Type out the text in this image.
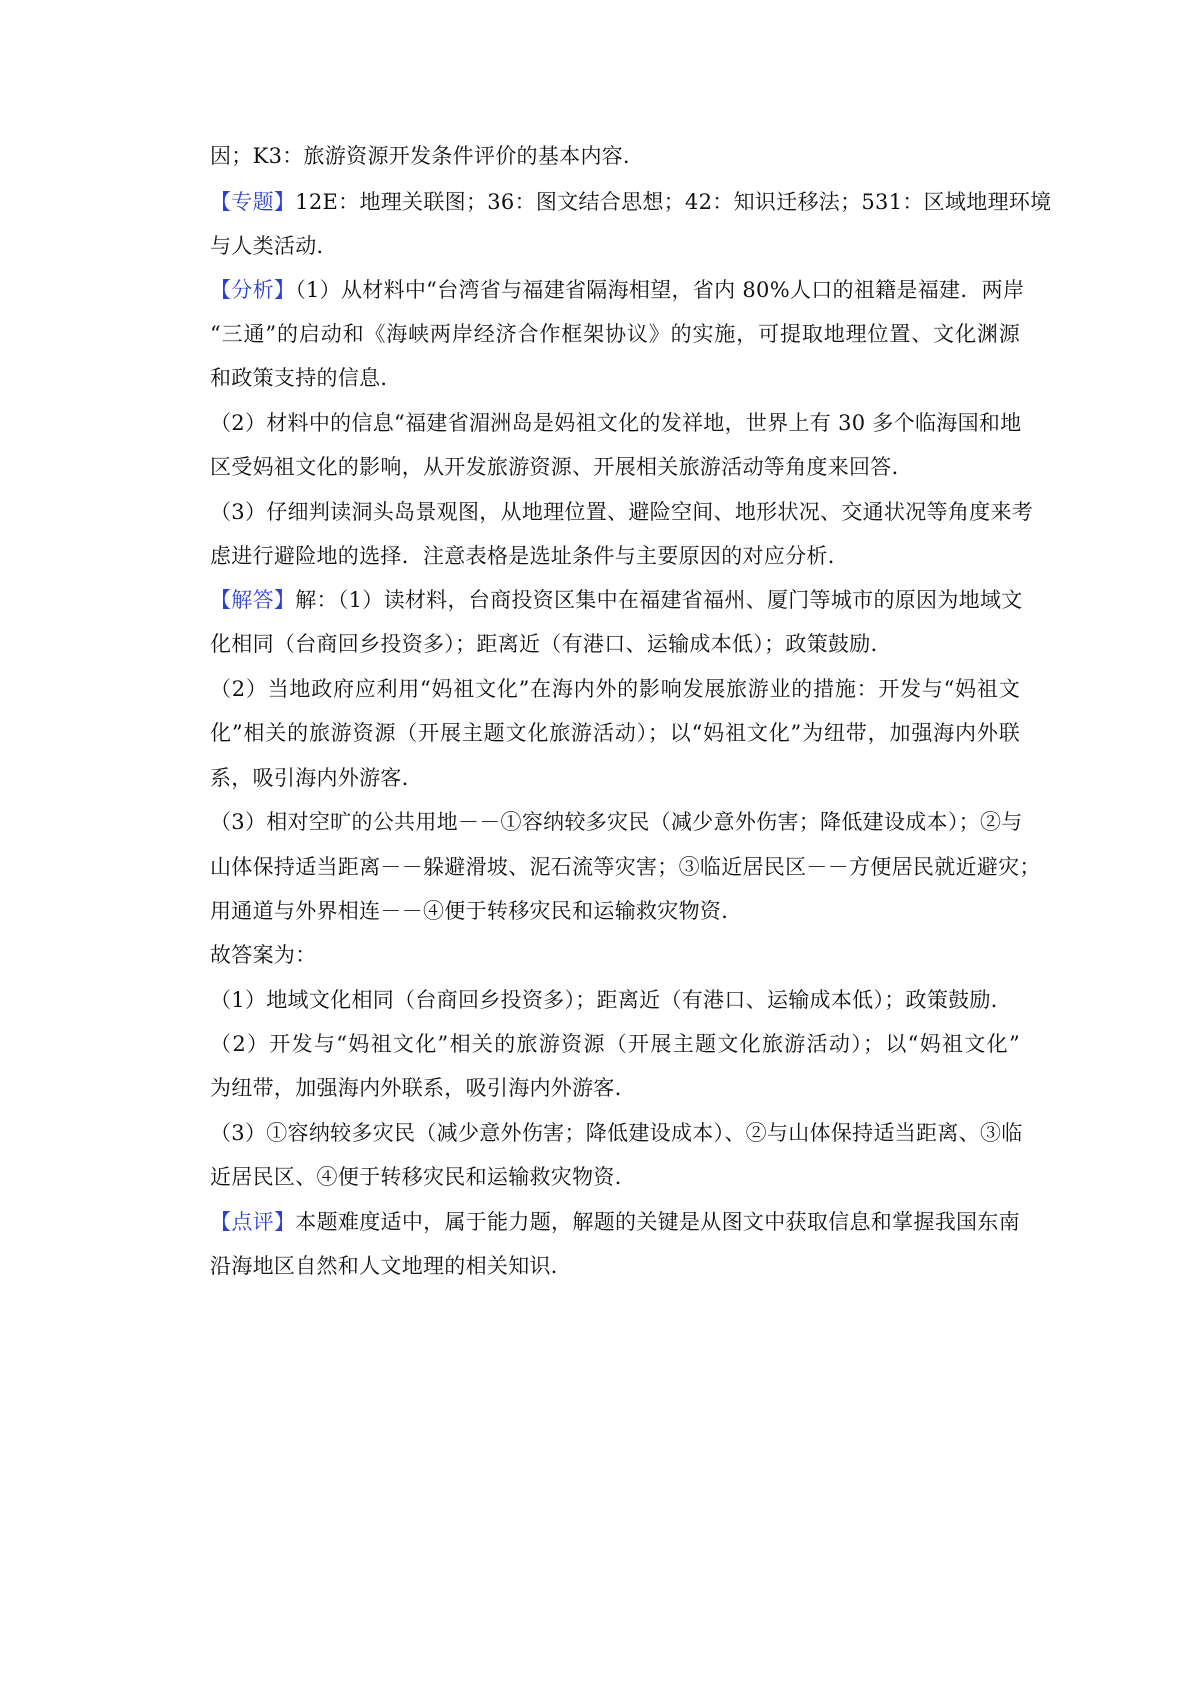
因；K3：旅游资源开发条件评价的基本内容．
【专题】12E：地理关联图；36：图文结合思想；42：知识迁移法；531：区域地理环境
与人类活动．
【分析】（1）从材料中“台湾省与福建省隔海相望，省内 80%人口的祖籍是福建．两岸
“三通”的启动和《海峡两岸经济合作框架协议》的实施，可提取地理位置、文化渊源
和政策支持的信息．
（2）材料中的信息“福建省湄洲岛是妈祖文化的发祥地，世界上有 30 多个临海国和地
区受妈祖文化的影响，从开发旅游资源、开展相关旅游活动等角度来回答．
（3）仔细判读洞头岛景观图，从地理位置、避险空间、地形状况、交通状况等角度来考
虑进行避险地的选择．注意表格是选址条件与主要原因的对应分析．
【解答】解：（1）读材料，台商投资区集中在福建省福州、厦门等城市的原因为地域文
化相同（台商回乡投资多）；距离近（有港口、运输成本低）；政策鼓励．
（2）当地政府应利用“妈祖文化”在海内外的影响发展旅游业的措施：开发与“妈祖文
化”相关的旅游资源（开展主题文化旅游活动）；以“妈祖文化”为纽带，加强海内外联
系，吸引海内外游客．
（3）相对空旷的公共用地－－①容纳较多灾民（减少意外伤害；降低建设成本）；②与
山体保持适当距离－－躲避滑坡、泥石流等灾害；③临近居民区－－方便居民就近避灾；
用通道与外界相连－－④便于转移灾民和运输救灾物资．
故答案为：
（1）地域文化相同（台商回乡投资多）；距离近（有港口、运输成本低）；政策鼓励．
（2）开发与“妈祖文化”相关的旅游资源（开展主题文化旅游活动）；以“妈祖文化”
为纽带，加强海内外联系，吸引海内外游客．
（3）①容纳较多灾民（减少意外伤害；降低建设成本）、②与山体保持适当距离、③临
近居民区、④便于转移灾民和运输救灾物资．
【点评】本题难度适中，属于能力题，解题的关键是从图文中获取信息和掌握我国东南
沿海地区自然和人文地理的相关知识．
